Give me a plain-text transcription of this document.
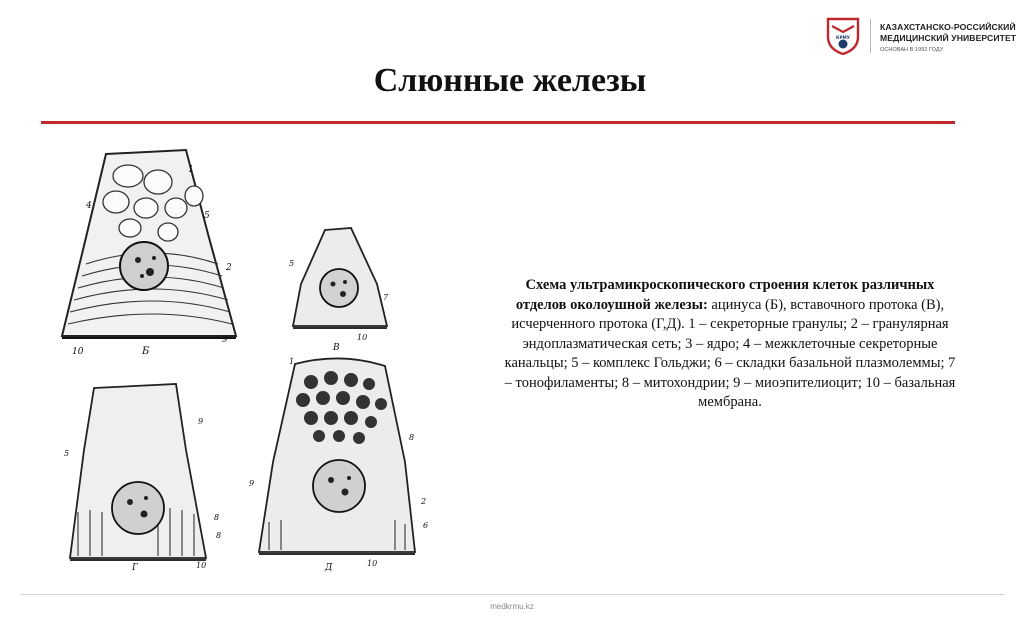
КРМУ
КАЗАХСТАНСКО-РОССИЙСКИЙ
МЕДИЦИНСКИЙ УНИВЕРСИТЕТ
ОСНОВАН В 1992 ГОДУ
Слюнные железы
1
4
5
2
9
10	Б
5
7
10
В
9
5
8
8
10
Г
1
8
9
2
6
10
Д
Схема ультрамикроскопического строения клеток различных отделов околоушной железы: ацинуса (Б), вставочного протока (В), исчерченного протока (Г,Д). 1 – секреторные гранулы; 2 – гранулярная эндоплазматическая сеть; 3 – ядро; 4 – межклеточные секреторные канальцы; 5 – комплекс Гольджи; 6 – складки базальной плазмолеммы; 7 – тонофиламенты; 8 – митохондрии; 9 – миоэпителиоцит; 10 – базальная мембрана.
medkrmu.kz
